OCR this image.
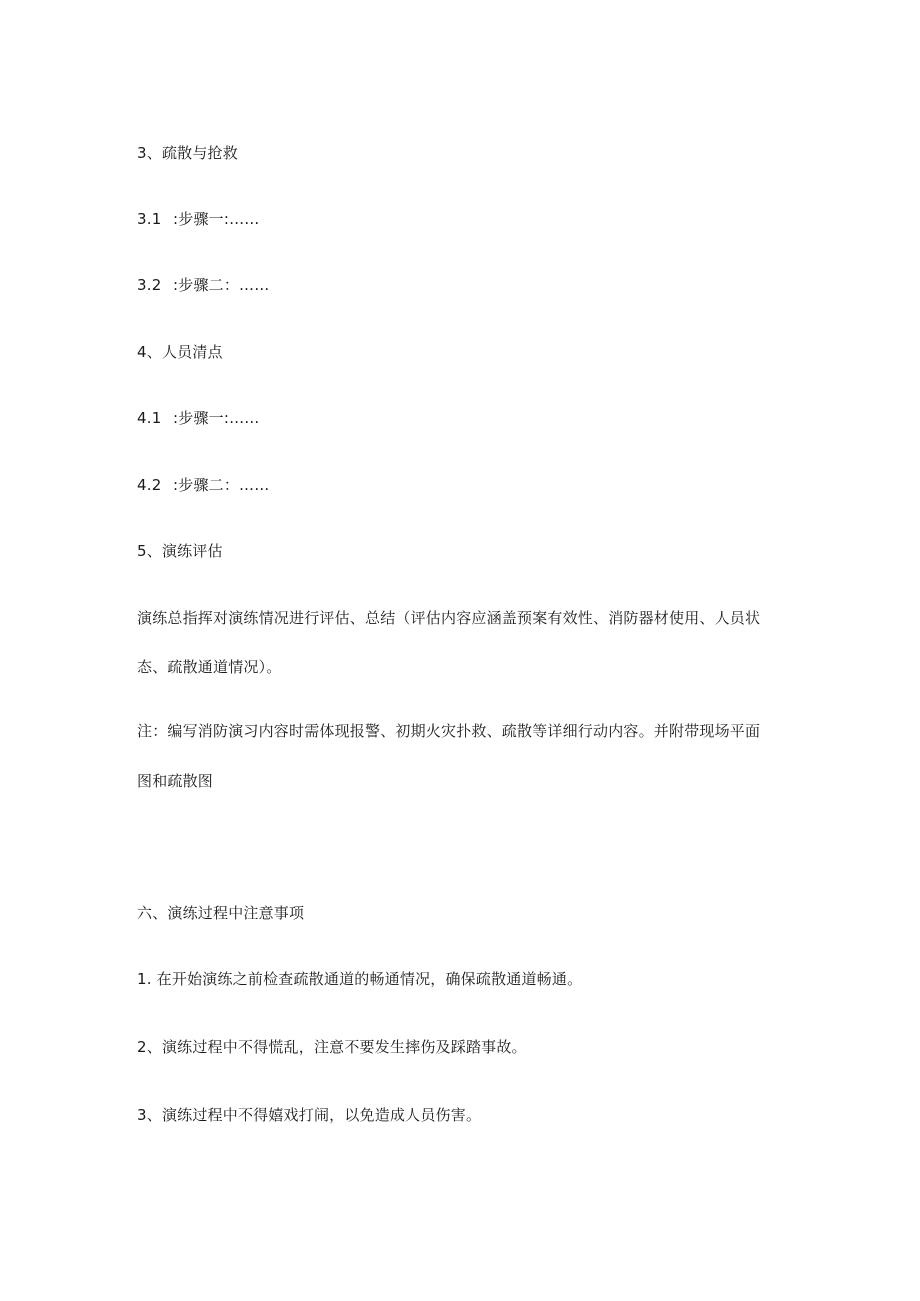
3、疏散与抢救
3.1 :步骤一:……
3.2 :步骤二：……
4、人员清点
4.1 :步骤一:……
4.2 :步骤二：……
5、演练评估
演练总指挥对演练情况进行评估、总结（评估内容应涵盖预案有效性、消防器材使用、人员状
态、疏散通道情况）。
注：编写消防演习内容时需体现报警、初期火灾扑救、疏散等详细行动内容。并附带现场平面
图和疏散图
六、演练过程中注意事项
1. 在开始演练之前检查疏散通道的畅通情况，确保疏散通道畅通。
2、演练过程中不得慌乱，注意不要发生摔伤及踩踏事故。
3、演练过程中不得嬉戏打闹，以免造成人员伤害。
